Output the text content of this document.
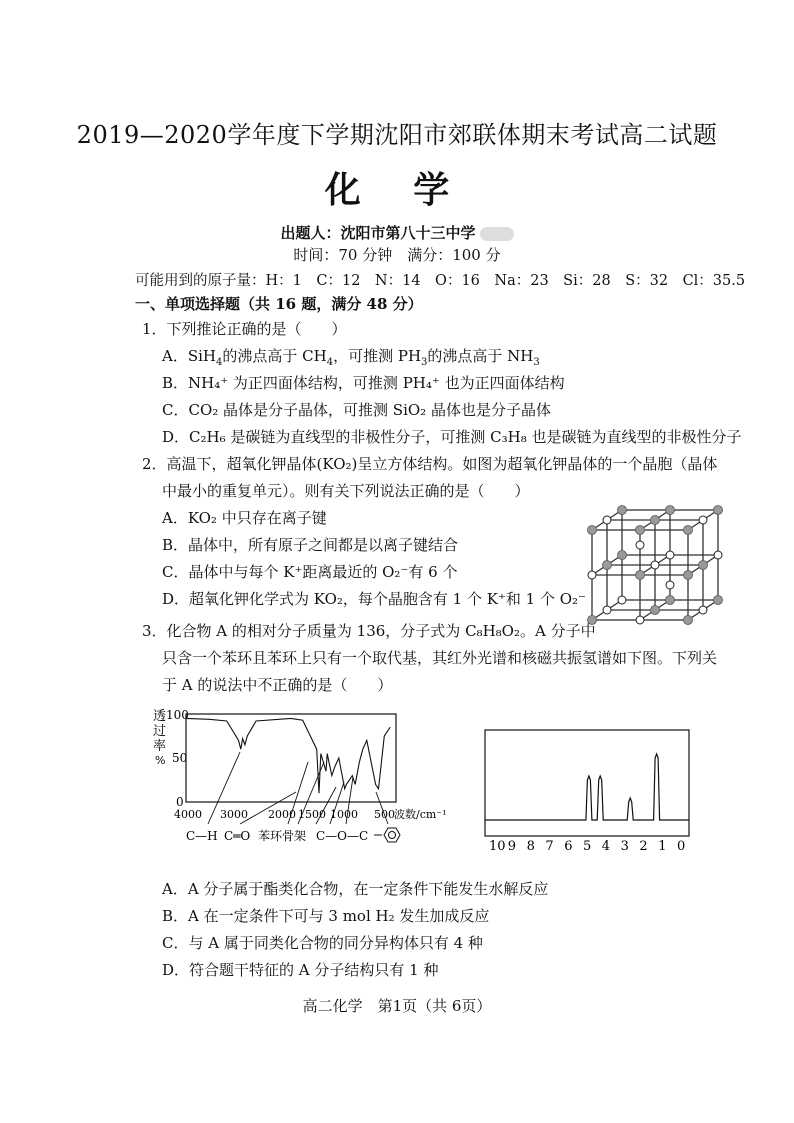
2019—2020学年度下学期沈阳市郊联体期末考试高二试题
化 学
出题人：沈阳市第八十三中学
时间：70 分钟　满分：100 分
可能用到的原子量：H：1　C：12　N：14　O：16　Na：23　Si：28　S：32　Cl：35.5
一、单项选择题（共 16 题，满分 48 分）
1．下列推论正确的是（　　）
A．SiH$_4$的沸点高于 $CH_4$，可推测 $PH_3$的沸点高于 $NH_3$
B．NH₄⁺ 为正四面体结构，可推测 PH₄⁺ 也为正四面体结构
C．CO₂ 晶体是分子晶体，可推测 SiO₂ 晶体也是分子晶体
D．C₂H₆ 是碳链为直线型的非极性分子，可推测 C₃H₈ 也是碳链为直线型的非极性分子
2．高温下，超氧化钾晶体(KO₂)呈立方体结构。如图为超氧化钾晶体的一个晶胞（晶体
中最小的重复单元）。则有关下列说法正确的是（　　）
A．KO₂ 中只存在离子键
B．晶体中，所有原子之间都是以离子键结合
C．晶体中与每个 K⁺距离最近的 O₂⁻有 6 个
D．超氧化钾化学式为 KO₂，每个晶胞含有 1 个 K⁺和 1 个 O₂⁻
3．化合物 A 的相对分子质量为 136，分子式为 C₈H₈O₂。A 分子中
只含一个苯环且苯环上只有一个取代基，其红外光谱和核磁共振氢谱如下图。下列关
于 A 的说法中不正确的是（　　）
透
过
率
%
100
50
0
4000 3000 2000 1500 1000 500 波数/cm⁻¹
C—H C═O 苯环骨架 C—O—C
10 9 8 7 6 5 4 3 2 1 0
A．A 分子属于酯类化合物，在一定条件下能发生水解反应
B．A 在一定条件下可与 3 mol H₂ 发生加成反应
C．与 A 属于同类化合物的同分异构体只有 4 种
D．符合题干特征的 A 分子结构只有 1 种
高二化学　第1页（共 6页）
